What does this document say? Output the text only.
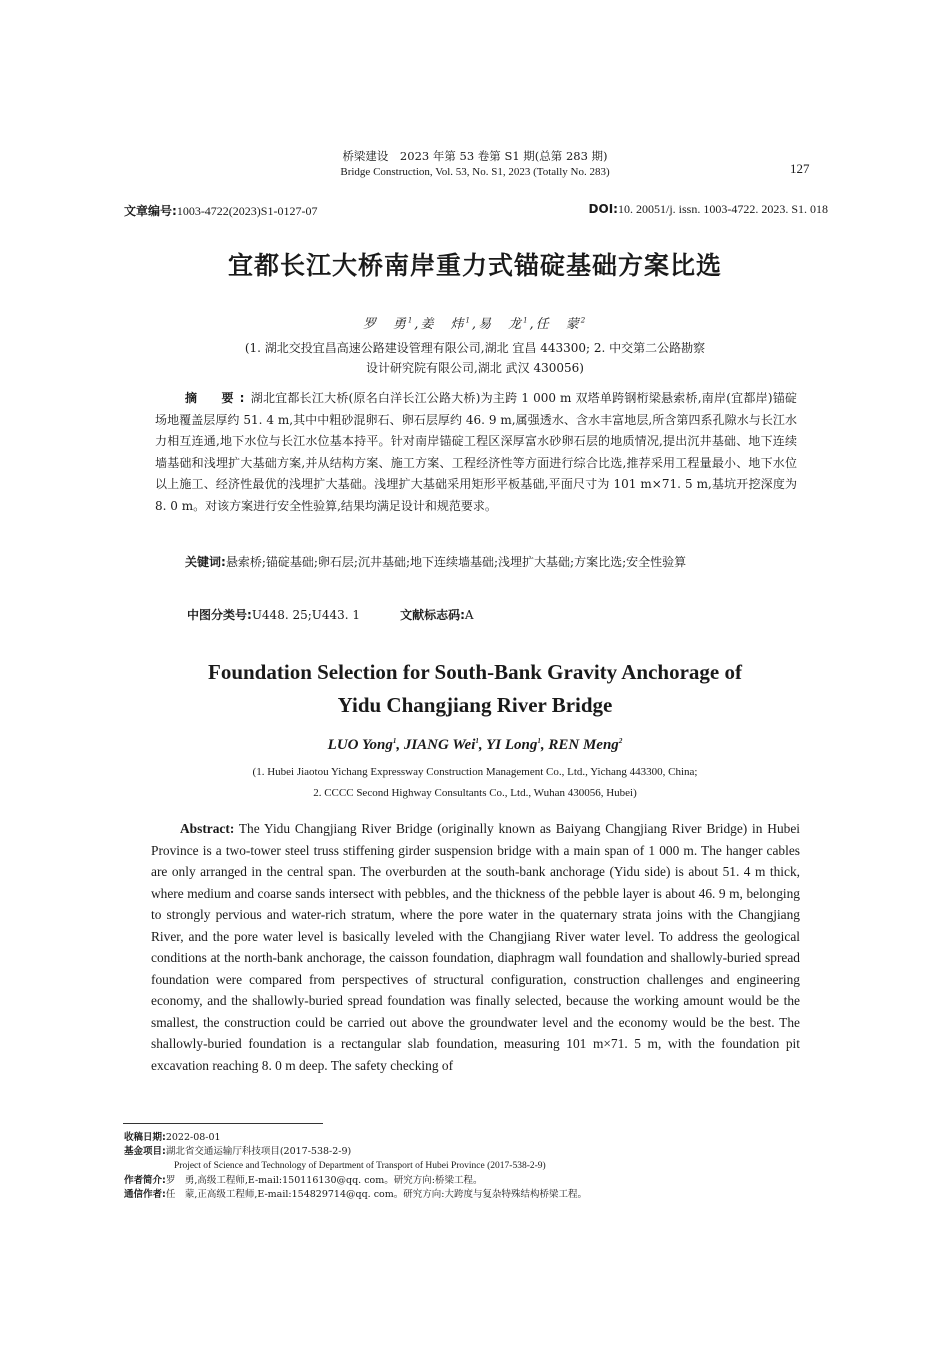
桥梁建设　2023 年第 53 卷第 S1 期(总第 283 期)
Bridge Construction, Vol. 53, No. S1, 2023 (Totally No. 283)	127
文章编号:1003-4722(2023)S1-0127-07	DOI:10. 20051/j. issn. 1003-4722. 2023. S1. 018
宜都长江大桥南岸重力式锚碇基础方案比选
罗　勇$^1$,姜　炜$^1$,易　龙$^1$,任　蒙$^2$
(1. 湖北交投宜昌高速公路建设管理有限公司,湖北 宜昌 443300; 2. 中交第二公路勘察
设计研究院有限公司,湖北 武汉 430056)
摘　要:湖北宜都长江大桥(原名白洋长江公路大桥)为主跨 1 000 m 双塔单跨钢桁梁悬索桥,南岸(宜都岸)锚碇场地覆盖层厚约 51. 4 m,其中中粗砂混卵石、卵石层厚约 46. 9 m,属强透水、含水丰富地层,所含第四系孔隙水与长江水力相互连通,地下水位与长江水位基本持平。针对南岸锚碇工程区深厚富水砂卵石层的地质情况,提出沉井基础、地下连续墙基础和浅埋扩大基础方案,并从结构方案、施工方案、工程经济性等方面进行综合比选,推荐采用工程量最小、地下水位以上施工、经济性最优的浅埋扩大基础。浅埋扩大基础采用矩形平板基础,平面尺寸为 101 m×71. 5 m,基坑开挖深度为 8. 0 m。对该方案进行安全性验算,结果均满足设计和规范要求。
关键词:悬索桥;锚碇基础;卵石层;沉井基础;地下连续墙基础;浅埋扩大基础;方案比选;安全性验算
中图分类号:U448. 25;U443. 1	文献标志码:A
Foundation Selection for South-Bank Gravity Anchorage of
Yidu Changjiang River Bridge
LUO Yong$^1$, JIANG Wei$^1$, YI Long$^1$, REN Meng$^2$
(1. Hubei Jiaotou Yichang Expressway Construction Management Co., Ltd., Yichang 443300, China;
2. CCCC Second Highway Consultants Co., Ltd., Wuhan 430056, Hubei)
Abstract: The Yidu Changjiang River Bridge (originally known as Baiyang Changjiang River Bridge) in Hubei Province is a two-tower steel truss stiffening girder suspension bridge with a main span of 1 000 m. The hanger cables are only arranged in the central span. The overburden at the south-bank anchorage (Yidu side) is about 51. 4 m thick, where medium and coarse sands intersect with pebbles, and the thickness of the pebble layer is about 46. 9 m, belonging to strongly pervious and water-rich stratum, where the pore water in the quaternary strata joins with the Changjiang River, and the pore water level is basically leveled with the Changjiang River water level. To address the geological conditions at the north-bank anchorage, the caisson foundation, diaphragm wall foundation and shallowly-buried spread foundation were compared from perspectives of structural configuration, construction challenges and engineering economy, and the shallowly-buried spread foundation was finally selected, because the working amount would be the smallest, the construction could be carried out above the groundwater level and the economy would be the best. The shallowly-buried foundation is a rectangular slab foundation, measuring 101 m×71. 5 m, with the foundation pit excavation reaching 8. 0 m deep. The safety checking of
收稿日期:2022-08-01
基金项目:湖北省交通运输厅科技项目(2017-538-2-9)
Project of Science and Technology of Department of Transport of Hubei Province (2017-538-2-9)
作者简介:罗　勇,高级工程师,E-mail:150116130@qq. com。研究方向:桥梁工程。
通信作者:任　蒙,正高级工程师,E-mail:154829714@qq. com。研究方向:大跨度与复杂特殊结构桥梁工程。
